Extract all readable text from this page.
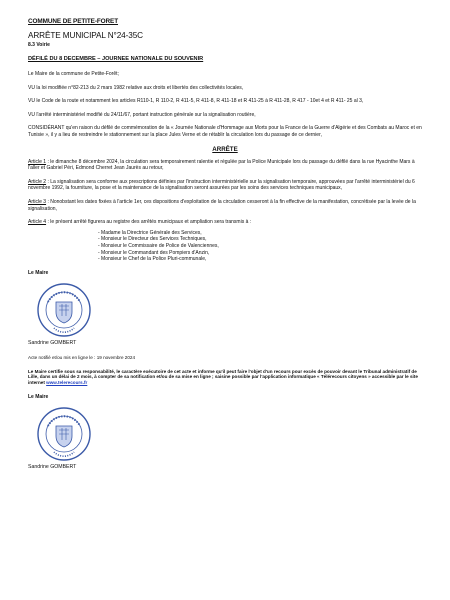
COMMUNE DE PETITE-FORET

ARRÊTE MUNICIPAL N°24-35C

8.3 Voirie

DÉFILÉ DU 8 DECEMBRE – JOURNEE NATIONALE DU SOUVENIR

Le Maire de la commune de Petite-Forêt;

VU la loi modifiée n°82-213 du 2 mars 1982 relative aux droits et libertés des collectivités locales,

VU le Code de la route et notamment les articles R110-1, R 110-2, R 411-5, R 411-8, R 411-18 et R 411-25 à R 411-28, R 417 - 10et 4 et R 411- 25 al 3,

VU l'arrêté interministériel modifié du 24/11/67, portant instruction générale sur la signalisation routière,

CONSIDÉRANT qu'en raison du défilé de commémoration de la « Journée Nationale d'Hommage aux Morts pour la France de la Guerre d'Algérie et des Combats au Maroc et en Tunisie », il y a lieu de restreindre le stationnement sur la place Jules Verne et de rétablir la circulation lors du passage de ce dernier,

ARRÊTE

Article 1 : le dimanche 8 décembre 2024, la circulation sera temporairement ralentie et régulée par la Police Municipale lors du passage du défilé dans la rue Hyacinthe Mars à l'aller et Gabriel Péri, Edmond Cherret Jean Jaurès au retour,

Article 2 : La signalisation sera conforme aux prescriptions définies par l'instruction interministérielle sur la signalisation temporaire, approuvées par l'arrêté interministériel du 6 novembre 1992, la fourniture, la pose et la maintenance de la signalisation seront assurées par les soins des services techniques municipaux,

Article 3 : Nonobstant les dates fixées à l'article 1er, ces dispositions d'exploitation de la circulation cesseront à la fin effective de la manifestation, concrétisée par la levée de la signalisation,

Article 4 : le présent arrêté figurera au registre des arrêtés municipaux et ampliation sera transmis à :

- Madame la Directrice Générale des Services,
- Monsieur le Directeur des Services Techniques,
- Monsieur le Commissaire de Police de Valenciennes,
- Monsieur le Commandant des Pompiers d'Anzin,
- Monsieur le Chef de la Police Pluri-communale,

Le Maire

Sandrine GOMBERT

Acte notifié et/ou mis en ligne le : 19 novembre 2024

Le Maire certifie sous sa responsabilité, le caractère exécutoire de cet acte et informe qu'il peut faire l'objet d'un recours pour excès de pouvoir devant le Tribunal administratif de Lille, dans un délai de 2 mois, à compter de sa notification et/ou de sa mise en ligne ; saisine possible par l'application informatique « Télérecours citoyens » accessible par le site internet www.telerecours.fr

Le Maire

Sandrine GOMBERT
